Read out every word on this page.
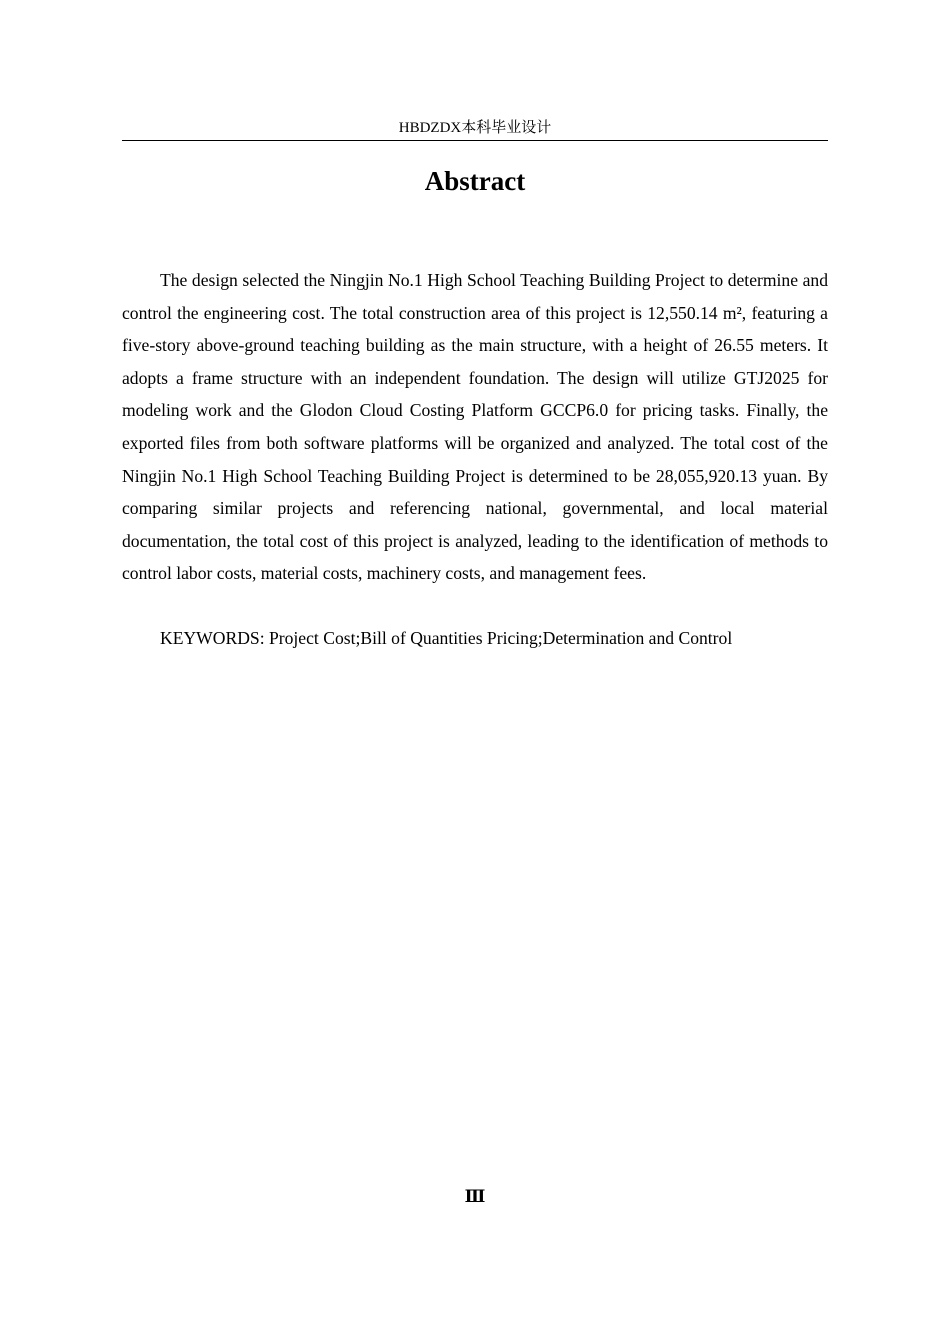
HBDZDX本科毕业设计
Abstract

The design selected the Ningjin No.1 High School Teaching Building Project to determine and control the engineering cost. The total construction area of this project is 12,550.14 m², featuring a five-story above-ground teaching building as the main structure, with a height of 26.55 meters. It adopts a frame structure with an independent foundation. The design will utilize GTJ2025 for modeling work and the Glodon Cloud Costing Platform GCCP6.0 for pricing tasks. Finally, the exported files from both software platforms will be organized and analyzed. The total cost of the Ningjin No.1 High School Teaching Building Project is determined to be 28,055,920.13 yuan. By comparing similar projects and referencing national, governmental, and local material documentation, the total cost of this project is analyzed, leading to the identification of methods to control labor costs, material costs, machinery costs, and management fees.

KEYWORDS: Project Cost;Bill of Quantities Pricing;Determination and Control

Ⅲ
